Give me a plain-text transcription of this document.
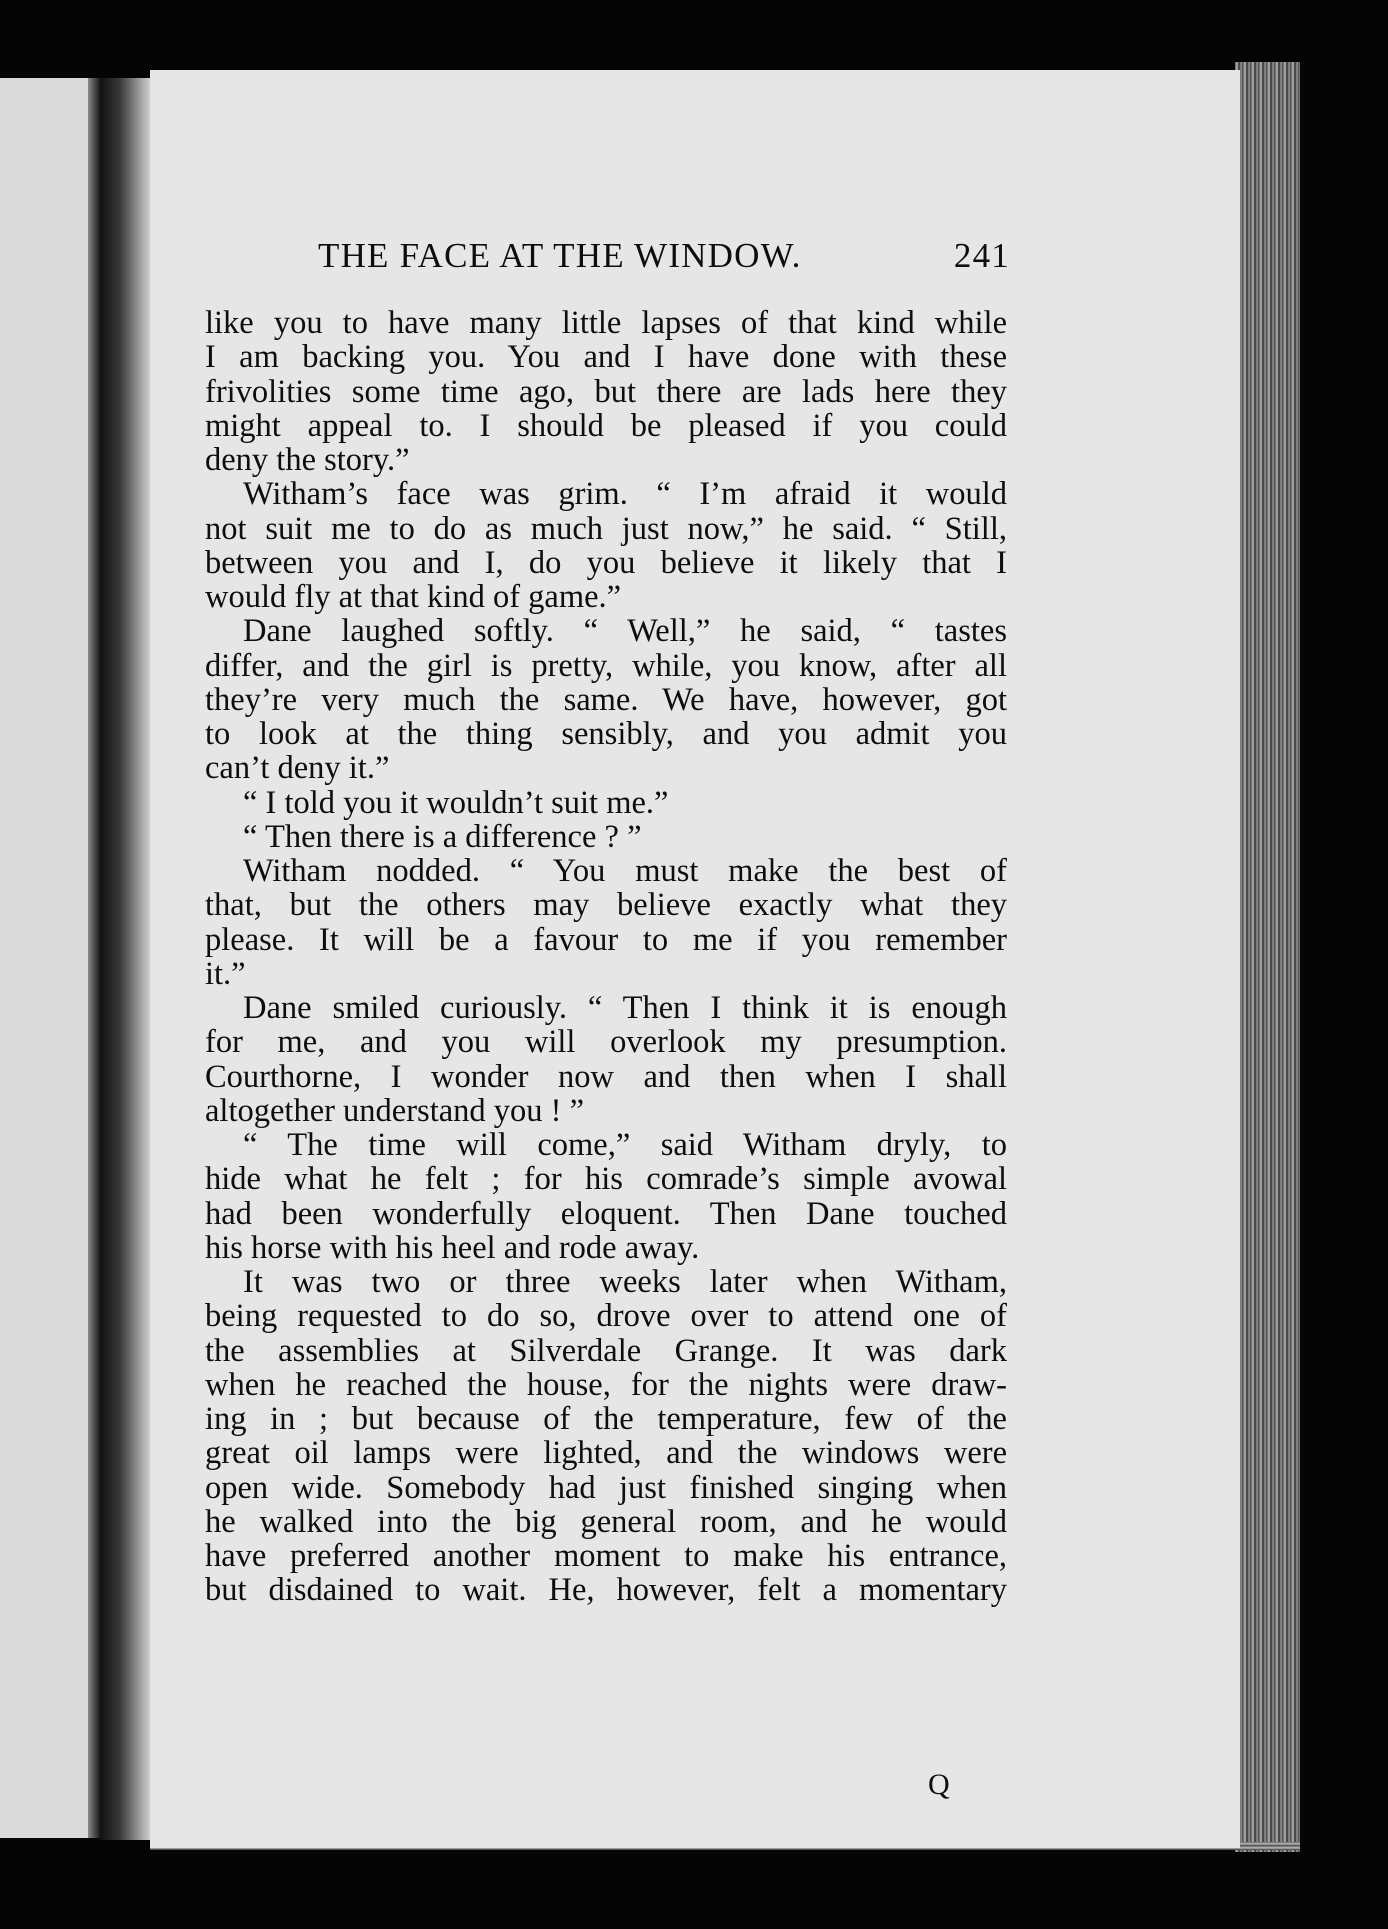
THE FACE AT THE WINDOW.	241
like you to have many little lapses of that kind while
I am backing you. You and I have done with these
frivolities some time ago, but there are lads here they
might appeal to. I should be pleased if you could
deny the story.”
Witham’s face was grim. “ I’m afraid it would
not suit me to do as much just now,” he said. “ Still,
between you and I, do you believe it likely that I
would fly at that kind of game.”
Dane laughed softly. “ Well,” he said, “ tastes
differ, and the girl is pretty, while, you know, after all
they’re very much the same. We have, however, got
to look at the thing sensibly, and you admit you
can’t deny it.”
“ I told you it wouldn’t suit me.”
“ Then there is a difference ? ”
Witham nodded. “ You must make the best of
that, but the others may believe exactly what they
please. It will be a favour to me if you remember
it.”
Dane smiled curiously. “ Then I think it is enough
for me, and you will overlook my presumption.
Courthorne, I wonder now and then when I shall
altogether understand you ! ”
“ The time will come,” said Witham dryly, to
hide what he felt ; for his comrade’s simple avowal
had been wonderfully eloquent. Then Dane touched
his horse with his heel and rode away.
It was two or three weeks later when Witham,
being requested to do so, drove over to attend one of
the assemblies at Silverdale Grange. It was dark
when he reached the house, for the nights were draw-
ing in ; but because of the temperature, few of the
great oil lamps were lighted, and the windows were
open wide. Somebody had just finished singing when
he walked into the big general room, and he would
have preferred another moment to make his entrance,
but disdained to wait. He, however, felt a momentary
Q
